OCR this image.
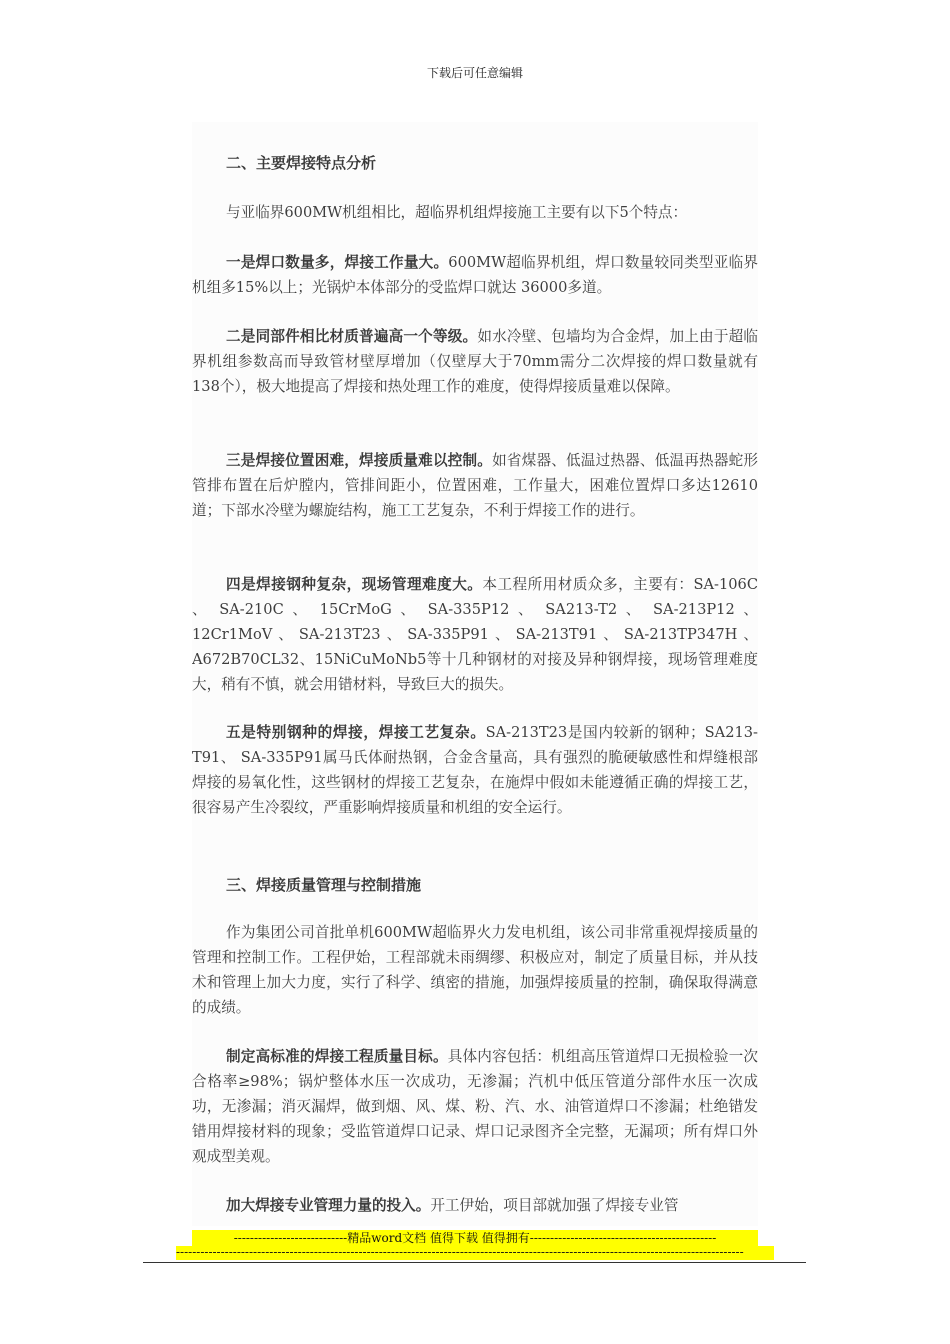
下载后可任意编辑
二、主要焊接特点分析

与亚临界600MW机组相比，超临界机组焊接施工主要有以下5个特点：

一是焊口数量多，焊接工作量大。600MW超临界机组，焊口数量较同类型亚临界机组多15%以上；光锅炉本体部分的受监焊口就达 36000多道。

二是同部件相比材质普遍高一个等级。如水冷壁、包墙均为合金焊，加上由于超临界机组参数高而导致管材壁厚增加（仅壁厚大于70mm需分二次焊接的焊口数量就有138个），极大地提高了焊接和热处理工作的难度，使得焊接质量难以保障。

三是焊接位置困难，焊接质量难以控制。如省煤器、低温过热器、低温再热器蛇形管排布置在后炉膛内，管排间距小，位置困难，工作量大，困难位置焊口多达12610道；下部水冷壁为螺旋结构，施工工艺复杂，不利于焊接工作的进行。

四是焊接钢种复杂，现场管理难度大。本工程所用材质众多，主要有：SA-106C 、 SA-210C 、 15CrMoG 、 SA-335P12 、 SA213-T2 、 SA-213P12 、12Cr1MoV、SA-213T23、SA-335P91、SA-213T91、SA-213TP347H、A672B70CL32、15NiCuMoNb5等十几种钢材的对接及异种钢焊接，现场管理难度大，稍有不慎，就会用错材料，导致巨大的损失。

五是特别钢种的焊接，焊接工艺复杂。SA-213T23是国内较新的钢种；SA213-T91、 SA-335P91属马氏体耐热钢，合金含量高，具有强烈的脆硬敏感性和焊缝根部焊接的易氧化性，这些钢材的焊接工艺复杂，在施焊中假如未能遵循正确的焊接工艺，很容易产生冷裂纹，严重影响焊接质量和机组的安全运行。

三、焊接质量管理与控制措施

作为集团公司首批单机600MW超临界火力发电机组，该公司非常重视焊接质量的管理和控制工作。工程伊始，工程部就未雨绸缪、积极应对，制定了质量目标，并从技术和管理上加大力度，实行了科学、缜密的措施，加强焊接质量的控制，确保取得满意的成绩。

制定高标准的焊接工程质量目标。具体内容包括：机组高压管道焊口无损检验一次合格率≥98%；锅炉整体水压一次成功，无渗漏；汽机中低压管道分部件水压一次成功，无渗漏；消灭漏焊，做到烟、风、煤、粉、汽、水、油管道焊口不渗漏；杜绝错发错用焊接材料的现象；受监管道焊口记录、焊口记录图齐全完整，无漏项；所有焊口外观成型美观。

加大焊接专业管理力量的投入。开工伊始，项目部就加强了焊接专业管

----------------------------精品word文档 值得下载 值得拥有----------------------------------------------
--------------------------------------------------------------------------------------------------------------------------------------------
